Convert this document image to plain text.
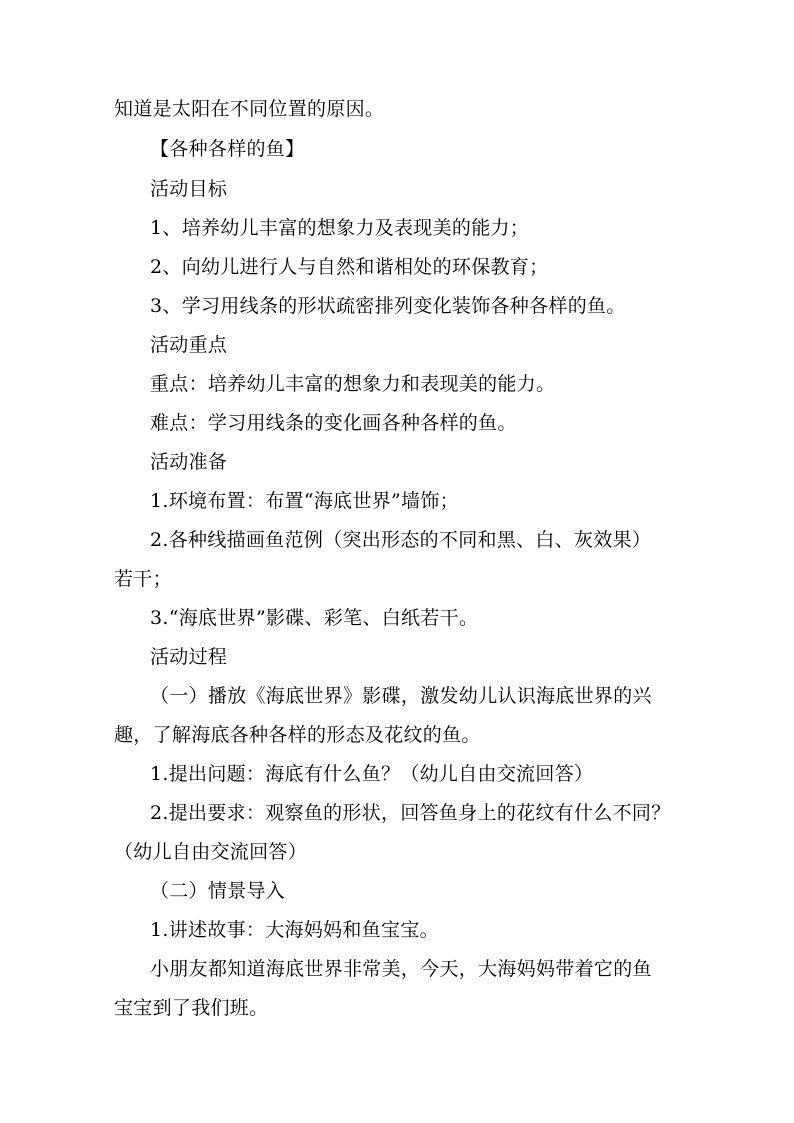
知道是太阳在不同位置的原因。
【各种各样的鱼】
活动目标
1、培养幼儿丰富的想象力及表现美的能力；
2、向幼儿进行人与自然和谐相处的环保教育；
3、学习用线条的形状疏密排列变化装饰各种各样的鱼。
活动重点
重点：培养幼儿丰富的想象力和表现美的能力。
难点：学习用线条的变化画各种各样的鱼。
活动准备
1.环境布置：布置“海底世界”墙饰；
2.各种线描画鱼范例（突出形态的不同和黑、白、灰效果）
若干；
3.“海底世界”影碟、彩笔、白纸若干。
活动过程
（一）播放《海底世界》影碟，激发幼儿认识海底世界的兴
趣，了解海底各种各样的形态及花纹的鱼。
1.提出问题：海底有什么鱼？（幼儿自由交流回答）
2.提出要求：观察鱼的形状，回答鱼身上的花纹有什么不同？
（幼儿自由交流回答）
（二）情景导入
1.讲述故事：大海妈妈和鱼宝宝。
小朋友都知道海底世界非常美，今天，大海妈妈带着它的鱼
宝宝到了我们班。
